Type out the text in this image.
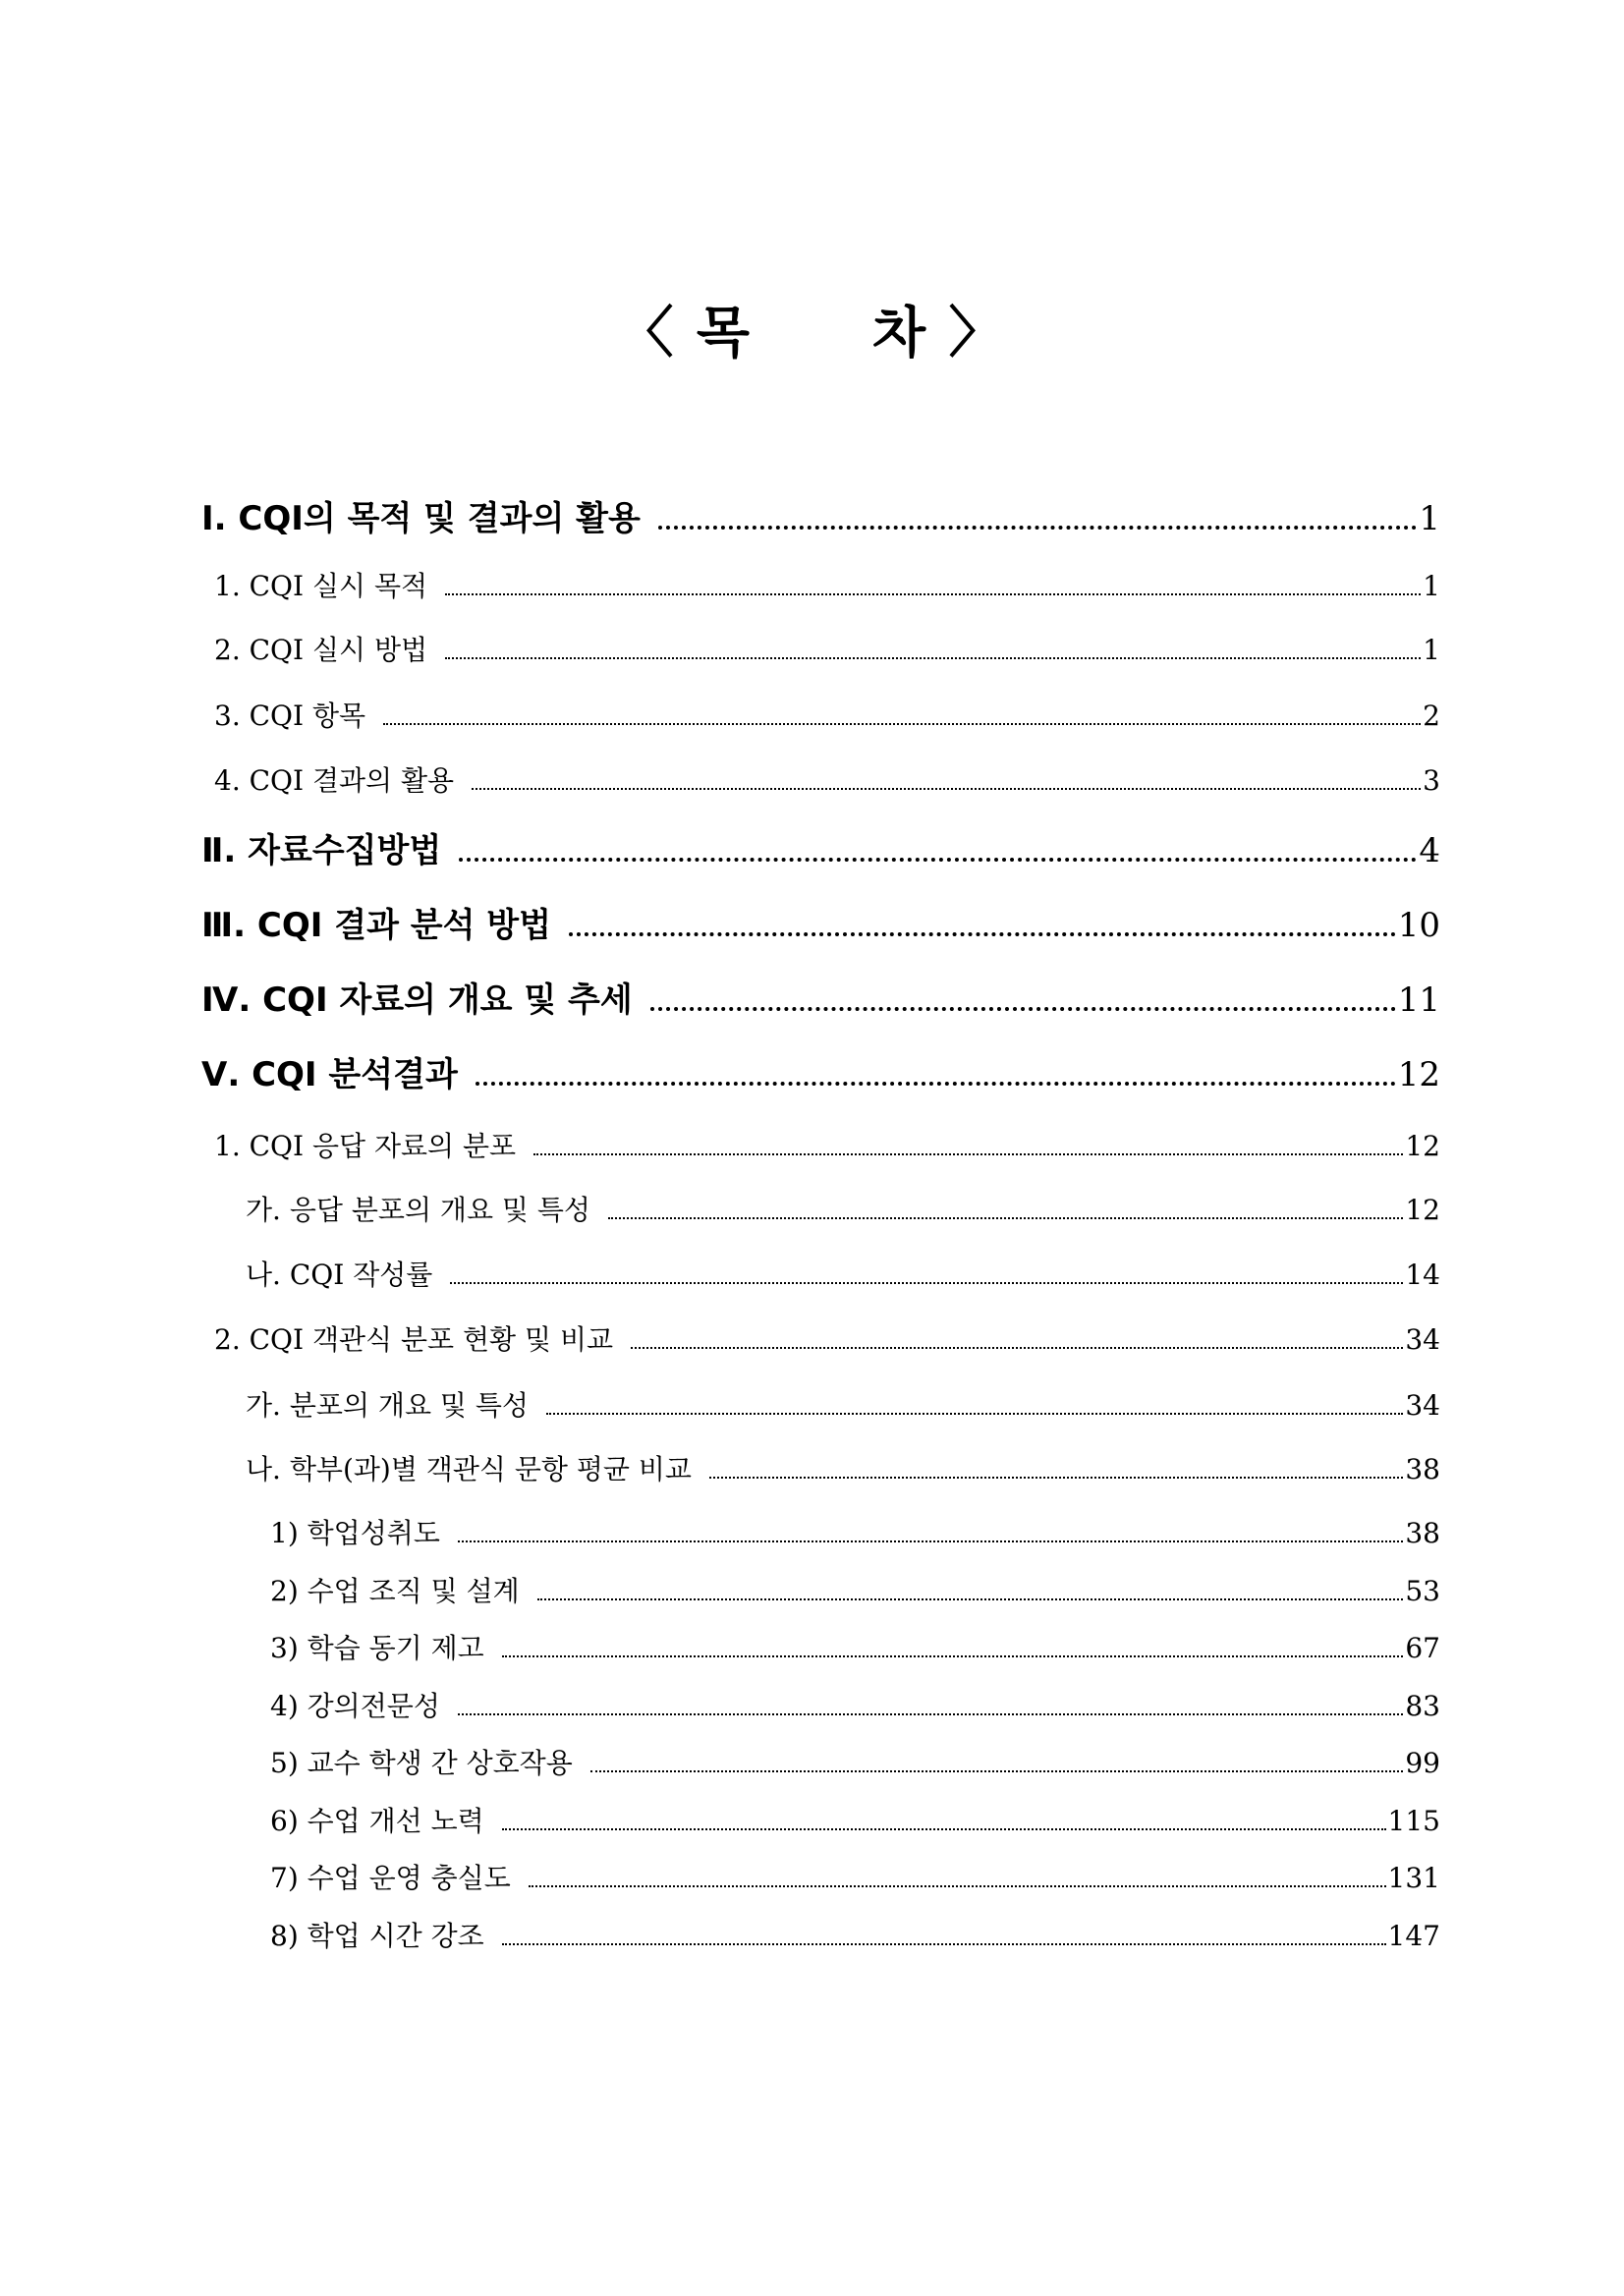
〈 목 차 〉
Ⅰ. CQI의 목적 및 결과의 활용	1
1. CQI 실시 목적	1
2. CQI 실시 방법	1
3. CQI 항목	2
4. CQI 결과의 활용	3
Ⅱ. 자료수집방법	4
Ⅲ. CQI 결과 분석 방법	10
Ⅳ. CQI 자료의 개요 및 추세	11
Ⅴ. CQI 분석결과	12
1. CQI 응답 자료의 분포	12
가. 응답 분포의 개요 및 특성	12
나. CQI 작성률	14
2. CQI 객관식 분포 현황 및 비교	34
가. 분포의 개요 및 특성	34
나. 학부(과)별 객관식 문항 평균 비교	38
1) 학업성취도	38
2) 수업 조직 및 설계	53
3) 학습 동기 제고	67
4) 강의전문성	83
5) 교수 학생 간 상호작용	99
6) 수업 개선 노력	115
7) 수업 운영 충실도	131
8) 학업 시간 강조	147
